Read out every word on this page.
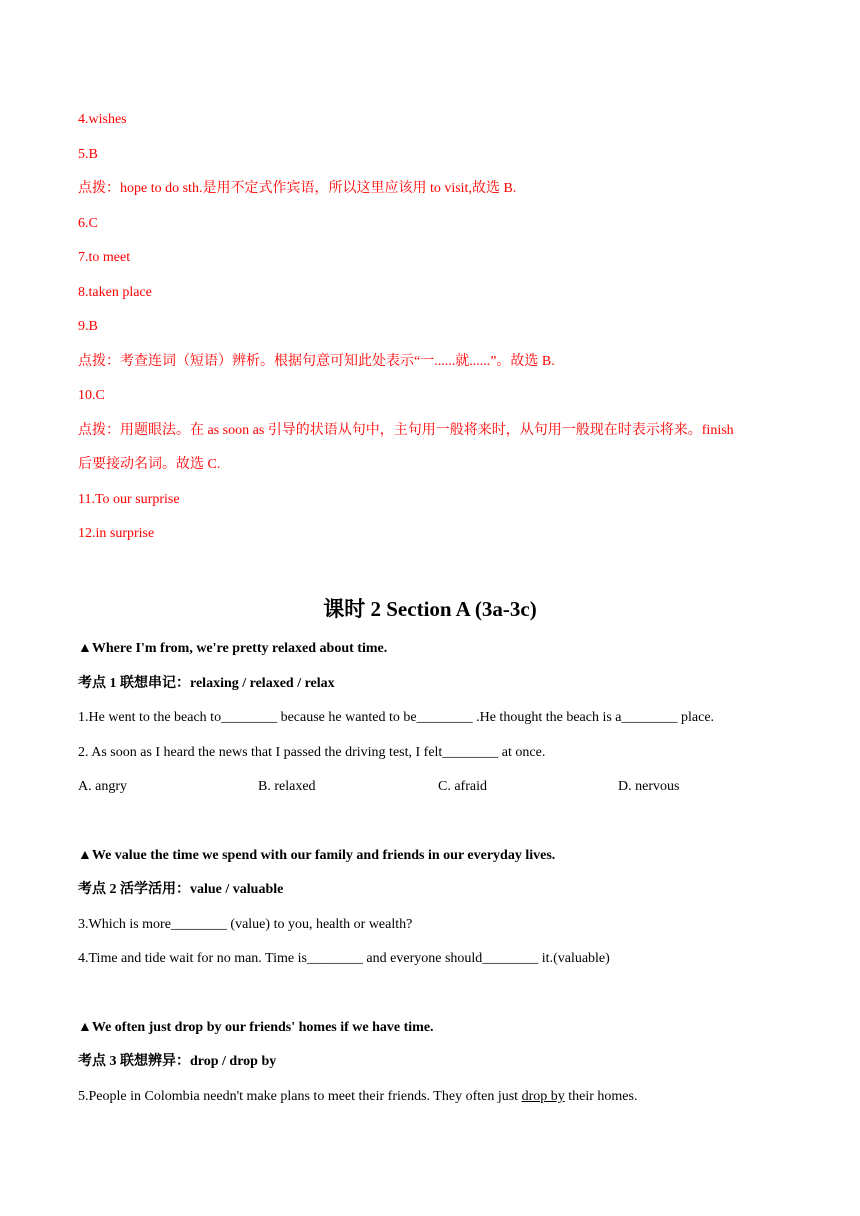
4.wishes
5.B
点拨：hope to do sth.是用不定式作宾语，所以这里应该用 to visit,故选 B.
6.C
7.to meet
8.taken place
9.B
点拨：考查连词（短语）辨析。根据句意可知此处表示“一......就......”。故选 B.
10.C
点拨：用题眼法。在 as soon as 引导的状语从句中，主句用一般将来时，从句用一般现在时表示将来。finish
后要接动名词。故选 C.
11.To our surprise
12.in surprise
课时 2 Section A (3a-3c)
▲Where I'm from, we're pretty relaxed about time.
考点 1 联想串记：relaxing / relaxed / relax
1.He went to the beach to________ because he wanted to be________ .He thought the beach is a________ place.
2. As soon as I heard the news that I passed the driving test, I felt________ at once.
A. angry	B. relaxed	C. afraid	D. nervous
▲We value the time we spend with our family and friends in our everyday lives.
考点 2 活学活用：value / valuable
3.Which is more________ (value) to you, health or wealth?
4.Time and tide wait for no man. Time is________ and everyone should________ it.(valuable)
▲We often just drop by our friends' homes if we have time.
考点 3 联想辨异：drop / drop by
5.People in Colombia needn't make plans to meet their friends. They often just drop by their homes.
